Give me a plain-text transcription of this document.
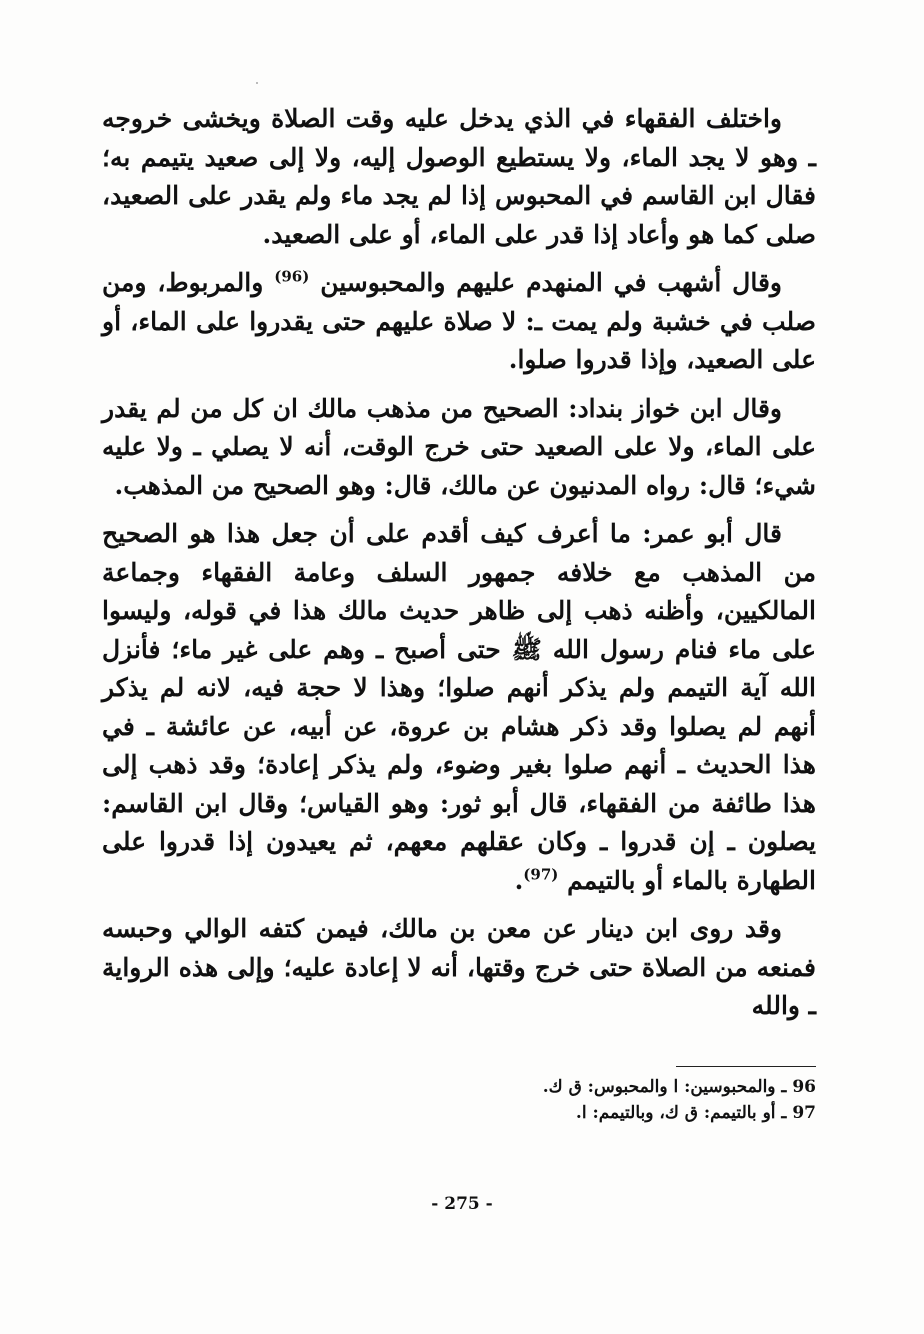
واختلف الفقهاء في الذي يدخل عليه وقت الصلاة ويخشى خروجه ـ وهو لا يجد الماء، ولا يستطيع الوصول إليه، ولا إلى صعيد يتيمم به؛ فقال ابن القاسم في المحبوس إذا لم يجد ماء ولم يقدر على الصعيد، صلى كما هو وأعاد إذا قدر على الماء، أو على الصعيد.

وقال أشهب في المنهدم عليهم والمحبوسين $^{(96)}$ والمربوط، ومن صلب في خشبة ولم يمت ـ: لا صلاة عليهم حتى يقدروا على الماء، أو على الصعيد، وإذا قدروا صلوا.

وقال ابن خواز بنداد: الصحيح من مذهب مالك ان كل من لم يقدر على الماء، ولا على الصعيد حتى خرج الوقت، أنه لا يصلي ـ ولا عليه شيء؛ قال: رواه المدنيون عن مالك، قال: وهو الصحيح من المذهب.

قال أبو عمر: ما أعرف كيف أقدم على أن جعل هذا هو الصحيح من المذهب مع خلافه جمهور السلف وعامة الفقهاء وجماعة المالكيين، وأظنه ذهب إلى ظاهر حديث مالك هذا في قوله، وليسوا على ماء فنام رسول الله ﷺ حتى أصبح ـ وهم على غير ماء؛ فأنزل الله آية التيمم ولم يذكر أنهم صلوا؛ وهذا لا حجة فيه، لانه لم يذكر أنهم لم يصلوا وقد ذكر هشام بن عروة، عن أبيه، عن عائشة ـ في هذا الحديث ـ أنهم صلوا بغير وضوء، ولم يذكر إعادة؛ وقد ذهب إلى هذا طائفة من الفقهاء، قال أبو ثور: وهو القياس؛ وقال ابن القاسم: يصلون ـ إن قدروا ـ وكان عقلهم معهم، ثم يعيدون إذا قدروا على الطهارة بالماء أو بالتيمم $^{(97)}$.

وقد روى ابن دينار عن معن بن مالك، فيمن كتفه الوالي وحبسه فمنعه من الصلاة حتى خرج وقتها، أنه لا إعادة عليه؛ وإلى هذه الرواية ـ والله

96 ـ والمحبوسين: ا والمحبوس: ق ك.

97 ـ أو بالتيمم: ق ك، وبالتيمم: ا.

- 275 -
